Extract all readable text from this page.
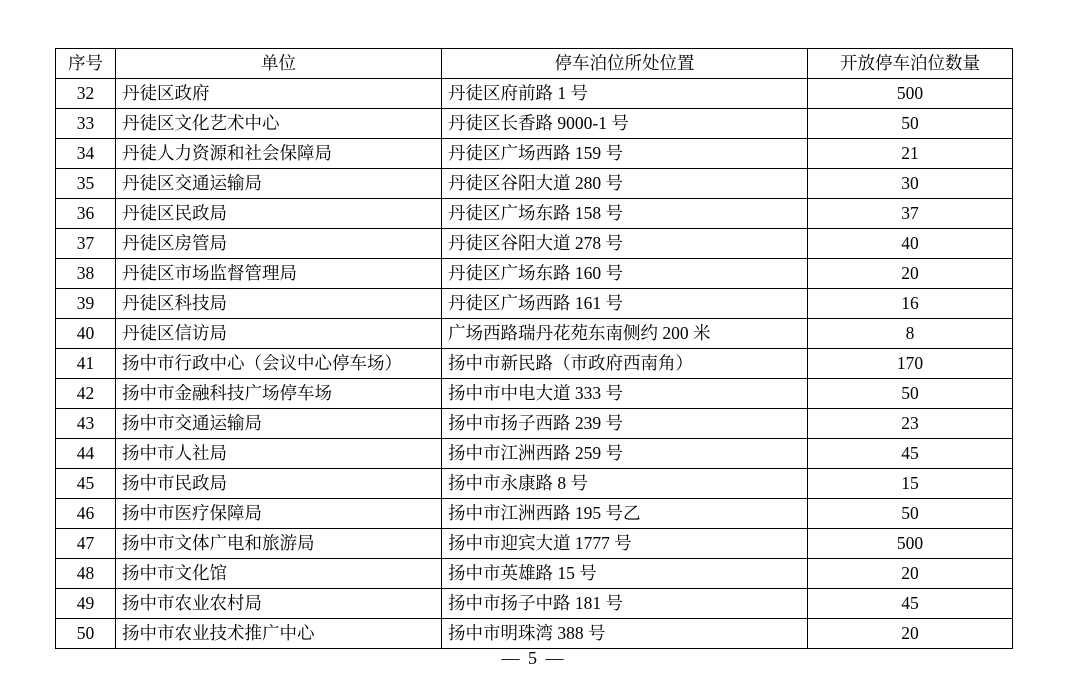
序号	单位	停车泊位所处位置	开放停车泊位数量
32	丹徒区政府	丹徒区府前路 1 号	500
33	丹徒区文化艺术中心	丹徒区长香路 9000-1 号	50
34	丹徒人力资源和社会保障局	丹徒区广场西路 159 号	21
35	丹徒区交通运输局	丹徒区谷阳大道 280 号	30
36	丹徒区民政局	丹徒区广场东路 158 号	37
37	丹徒区房管局	丹徒区谷阳大道 278 号	40
38	丹徒区市场监督管理局	丹徒区广场东路 160 号	20
39	丹徒区科技局	丹徒区广场西路 161 号	16
40	丹徒区信访局	广场西路瑞丹花苑东南侧约 200 米	8
41	扬中市行政中心（会议中心停车场）	扬中市新民路（市政府西南角）	170
42	扬中市金融科技广场停车场	扬中市中电大道 333 号	50
43	扬中市交通运输局	扬中市扬子西路 239 号	23
44	扬中市人社局	扬中市江洲西路 259 号	45
45	扬中市民政局	扬中市永康路 8 号	15
46	扬中市医疗保障局	扬中市江洲西路 195 号乙	50
47	扬中市文体广电和旅游局	扬中市迎宾大道 1777 号	500
48	扬中市文化馆	扬中市英雄路 15 号	20
49	扬中市农业农村局	扬中市扬子中路 181 号	45
50	扬中市农业技术推广中心	扬中市明珠湾 388 号	20
— 5 —
